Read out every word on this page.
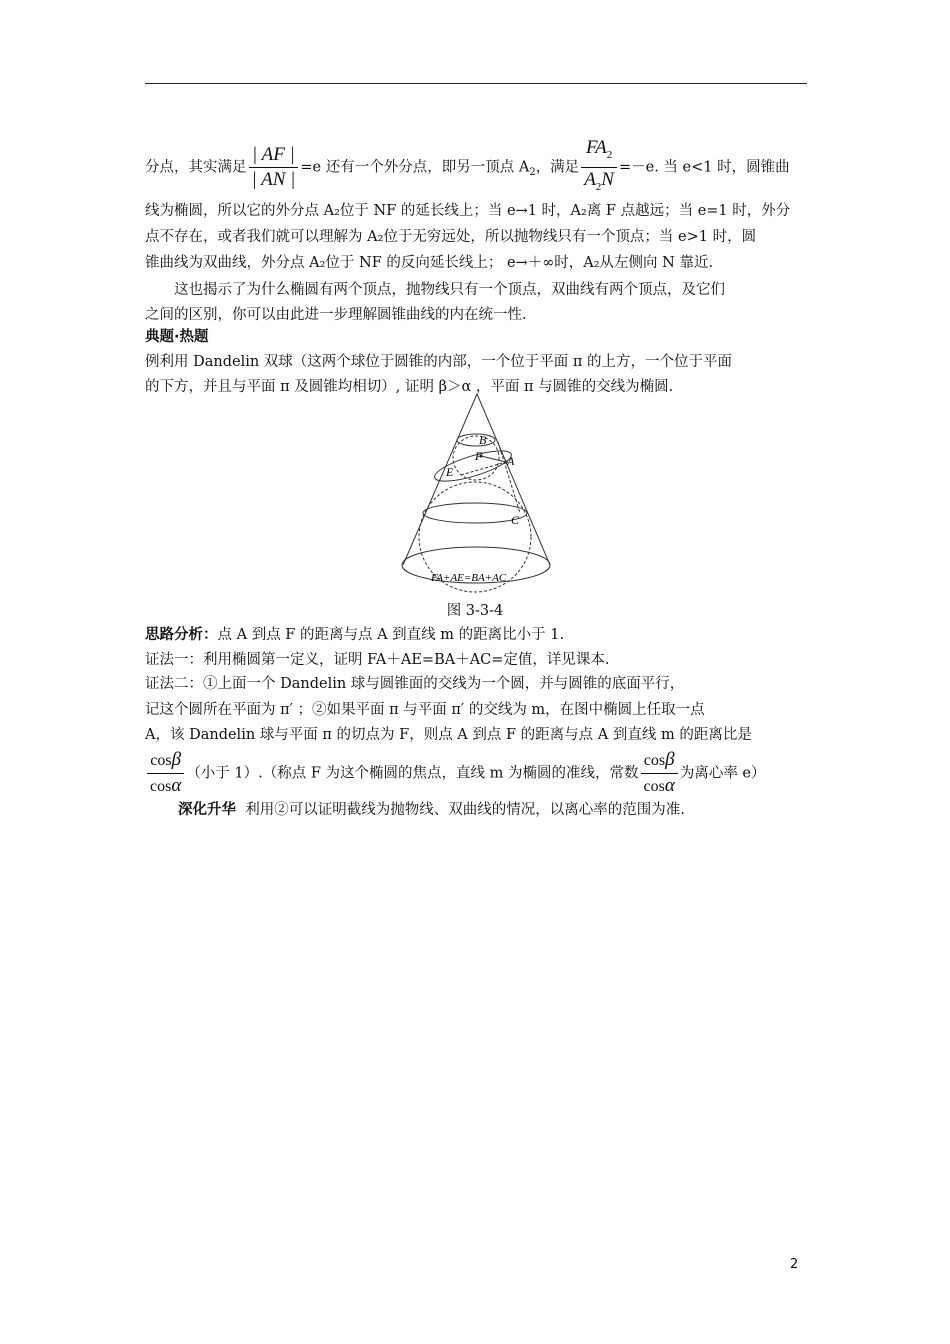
分点，其实满足 $\frac{| AF |}{| AN |} =e$ 还有一个外分点，即另一顶点 $A_2$，满足 $\frac{FA_2}{A_2N} =-e$. 当 e<1 时，圆锥曲
线为椭圆，所以它的外分点 A₂位于 NF 的延长线上；当 e→1 时，A₂离 F 点越远；当 e=1 时，外分
点不存在，或者我们就可以理解为 A₂位于无穷远处，所以抛物线只有一个顶点；当 e>1 时，圆
锥曲线为双曲线，外分点 A₂位于 NF 的反向延长线上； e→＋∞时，A₂从左侧向 N 靠近.
　　这也揭示了为什么椭圆有两个顶点，抛物线只有一个顶点，双曲线有两个顶点，及它们
之间的区别，你可以由此进一步理解圆锥曲线的内在统一性.
典题·热题
例利用 Dandelin 双球（这两个球位于圆锥的内部，一个位于平面 π 的上方，一个位于平面
的下方，并且与平面 π 及圆锥均相切）, 证明 β＞α ，平面 π 与圆锥的交线为椭圆.
B
F A
E
C
FA+AE=BA+AC
图 3-3-4
思路分析：点 A 到点 F 的距离与点 A 到直线 m 的距离比小于 1.
证法一：利用椭圆第一定义，证明 FA＋AE=BA＋AC=定值，详见课本.
证法二：①上面一个 Dandelin 球与圆锥面的交线为一个圆，并与圆锥的底面平行，
记这个圆所在平面为 π′ ；②如果平面 π 与平面 π′ 的交线为 m，在图中椭圆上任取一点
A，该 Dandelin 球与平面 π 的切点为 F，则点 A 到点 F 的距离与点 A 到直线 m 的距离比是
$\frac{\cos\beta}{\cos\alpha}$ （小于 1）.（称点 F 为这个椭圆的焦点，直线 m 为椭圆的准线，常数 $\frac{\cos\beta}{\cos\alpha}$ 为离心率 e）
深化升华 利用②可以证明截线为抛物线、双曲线的情况，以离心率的范围为准.
2
